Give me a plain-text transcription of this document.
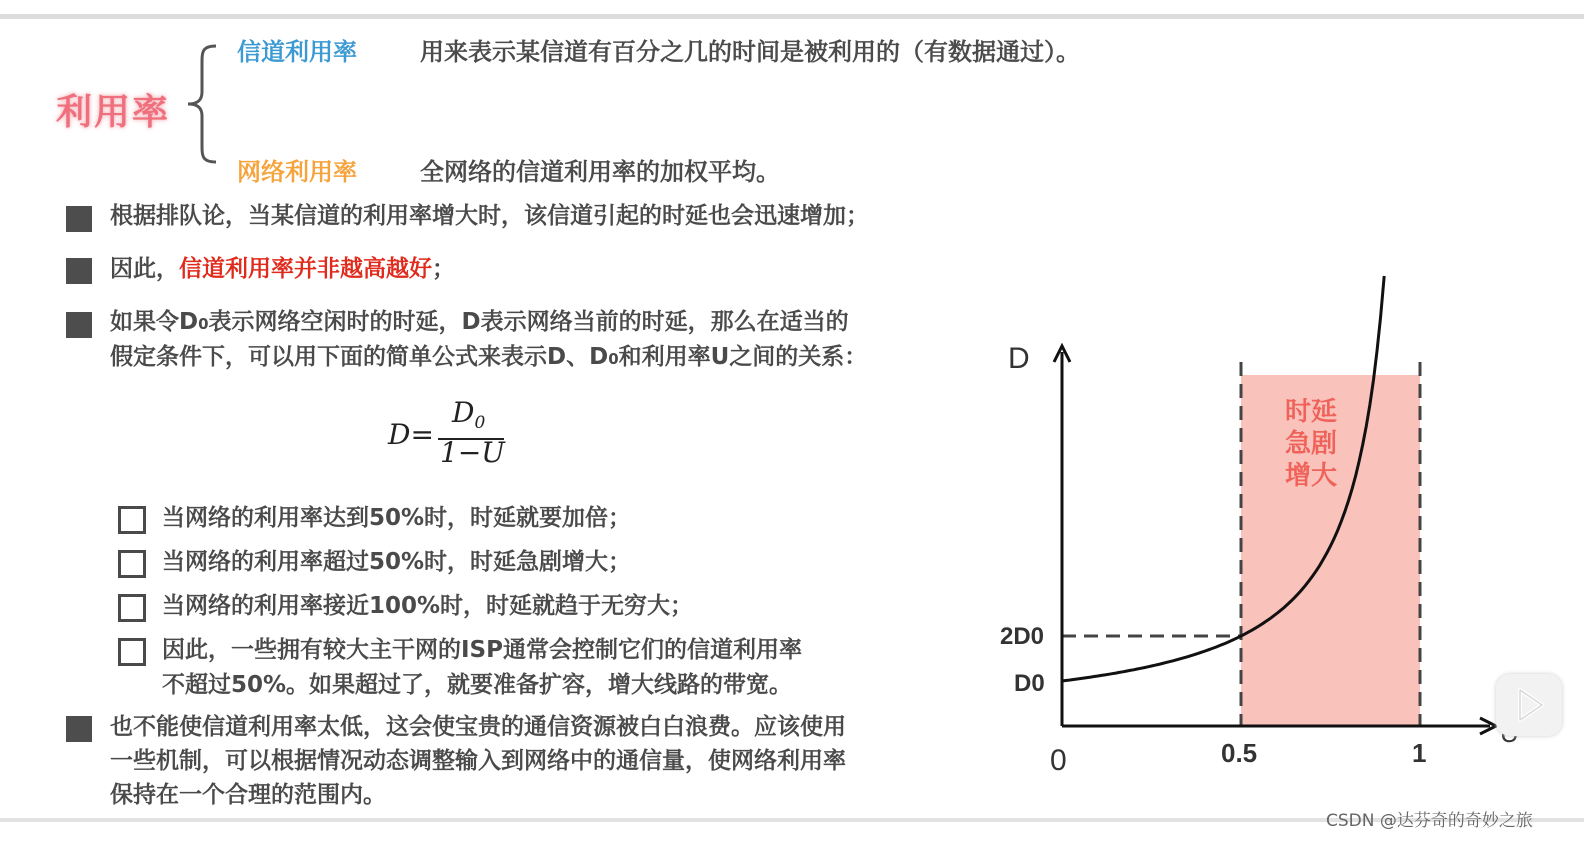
利用率
信道利用率	用来表示某信道有百分之几的时间是被利用的（有数据通过）。
网络利用率	全网络的信道利用率的加权平均。
根据排队论，当某信道的利用率增大时，该信道引起的时延也会迅速增加；
因此，信道利用率并非越高越好；
如果令D0表示网络空闲时的时延，D表示网络当前的时延，那么在适当的
假定条件下，可以用下面的简单公式来表示D、D0和利用率U之间的关系：
D=
$D_0$
1−U
当网络的利用率达到50%时，时延就要加倍；
当网络的利用率超过50%时，时延急剧增大；
当网络的利用率接近100%时，时延就趋于无穷大；
因此，一些拥有较大主干网的ISP通常会控制它们的信道利用率
不超过50%。如果超过了，就要准备扩容，增大线路的带宽。
也不能使信道利用率太低，这会使宝贵的通信资源被白白浪费。应该使用
一些机制，可以根据情况动态调整输入到网络中的通信量，使网络利用率
保持在一个合理的范围内。
D
0	0.5	1
D0
2D0
时延
急剧
增大
CSDN @达芬奇的奇妙之旅
